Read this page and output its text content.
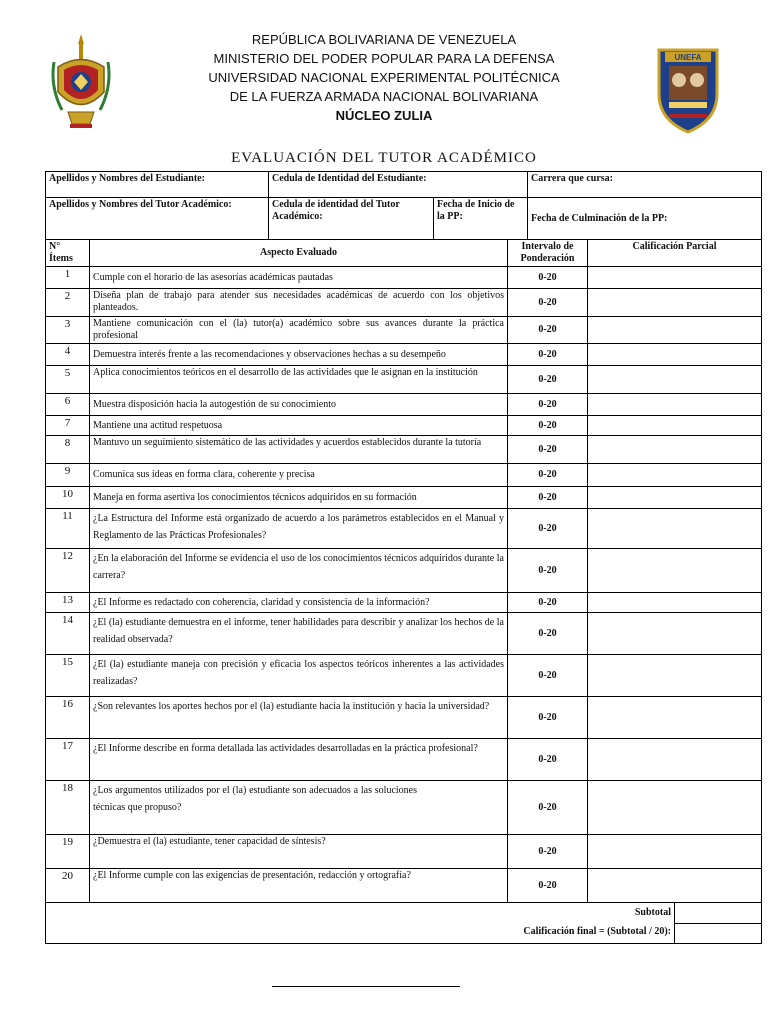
UNEFA
REPÚBLICA BOLIVARIANA DE VENEZUELA
MINISTERIO DEL PODER POPULAR PARA LA DEFENSA
UNIVERSIDAD NACIONAL EXPERIMENTAL POLITÉCNICA
DE LA FUERZA ARMADA NACIONAL BOLIVARIANA
NÚCLEO ZULIA
EVALUACIÓN DEL TUTOR ACADÉMICO
Apellidos y Nombres del Estudiante:	Cedula de Identidad del Estudiante:		Carrera que cursa:
Apellidos y Nombres del Tutor Académico:	Cedula de identidad del Tutor Académico:	Fecha de Inicio de la PP:	Fecha de Culminación de la PP:
N° Ítems	Aspecto Evaluado	Intervalo de Ponderación	Calificación Parcial	
1	Cumple con el horario de las asesorías académicas pautadas	0-20		
2	Diseña plan de trabajo para atender sus necesidades académicas de acuerdo con los objetivos planteados.	0-20		
3	Mantiene comunicación con el (la) tutor(a) académico sobre sus avances durante la práctica profesional	0-20		
4	Demuestra interés frente a las recomendaciones y observaciones hechas a su desempeño	0-20		
5	Aplica conocimientos teóricos en el desarrollo de las actividades que le asignan en la institución	0-20		
6	Muestra disposición hacia la autogestión de su conocimiento	0-20		
7	Mantiene una actitud respetuosa	0-20		
8	Mantuvo un seguimiento sistemático de las actividades y acuerdos establecidos durante la tutoría	0-20		
9	Comunica sus ideas en forma clara, coherente y precisa	0-20		
10	Maneja en forma asertiva los conocimientos técnicos adquiridos en su formación	0-20		
11	¿La Estructura del Informe está organizado de acuerdo a los parámetros establecidos en el Manual y Reglamento de las Prácticas Profesionales?	0-20		
12	¿En la elaboración del Informe se evidencia el uso de los conocimientos técnicos adquiridos durante la carrera?	0-20		
13	¿El Informe es redactado con coherencia, claridad y consistencia de la información?	0-20		
14	¿El (la) estudiante demuestra en el informe, tener habilidades para describir y analizar los hechos de la realidad observada?	0-20		
15	¿El (la) estudiante maneja con precisión y eficacia los aspectos teóricos inherentes a las actividades realizadas?	0-20		
16	¿Son relevantes los aportes hechos por el (la) estudiante hacia la institución y hacia la universidad?	0-20		
17	¿El Informe describe en forma detallada las actividades desarrolladas en la práctica profesional?	0-20		
18	¿Los argumentos utilizados por el (la) estudiante son adecuados a las soluciones técnicas que propuso?	0-20		
19	¿Demuestra el (la) estudiante, tener capacidad de síntesis?	0-20		
20	¿El Informe cumple con las exigencias de presentación, redacción y ortografía?	0-20		

Subtotal
Calificación final = (Subtotal / 20):				
